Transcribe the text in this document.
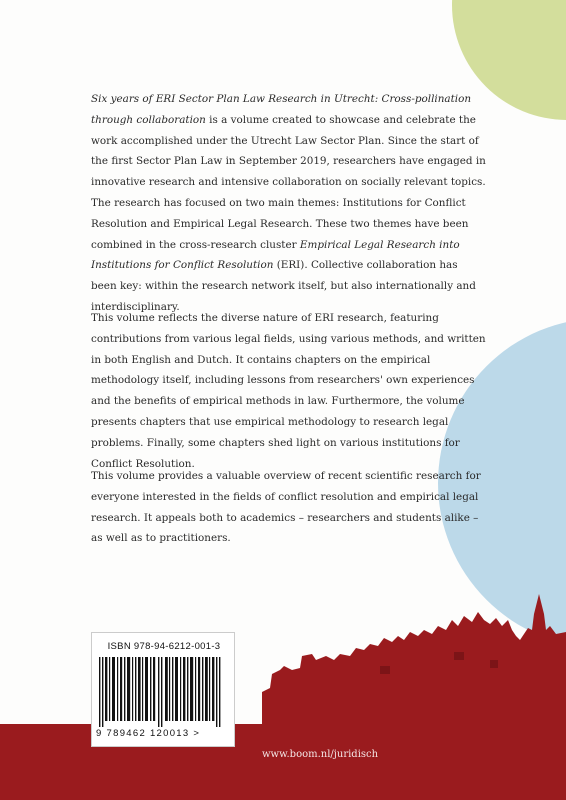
Six years of ERI Sector Plan Law Research in Utrecht: Cross-pollination through collaboration is a volume created to showcase and celebrate the work accomplished under the Utrecht Law Sector Plan. Since the start of the first Sector Plan Law in September 2019, researchers have engaged in innovative research and intensive collaboration on socially relevant topics. The research has focused on two main themes: Institutions for Conflict Resolution and Empirical Legal Research. These two themes have been combined in the cross-research cluster Empirical Legal Research into Institutions for Conflict Resolution (ERI). Collective collaboration has been key: within the research network itself, but also internationally and interdisciplinary.

This volume reflects the diverse nature of ERI research, featuring contributions from various legal fields, using various methods, and written in both English and Dutch. It contains chapters on the empirical methodology itself, including lessons from researchers' own experiences and the benefits of empirical methods in law. Furthermore, the volume presents chapters that use empirical methodology to research legal problems. Finally, some chapters shed light on various institutions for Conflict Resolution.

This volume provides a valuable overview of recent scientific research for everyone interested in the fields of conflict resolution and empirical legal research. It appeals both to academics – researchers and students alike – as well as to practitioners.

ISBN 978-94-6212-001-3
9 789462 120013 >
www.boom.nl/juridisch
